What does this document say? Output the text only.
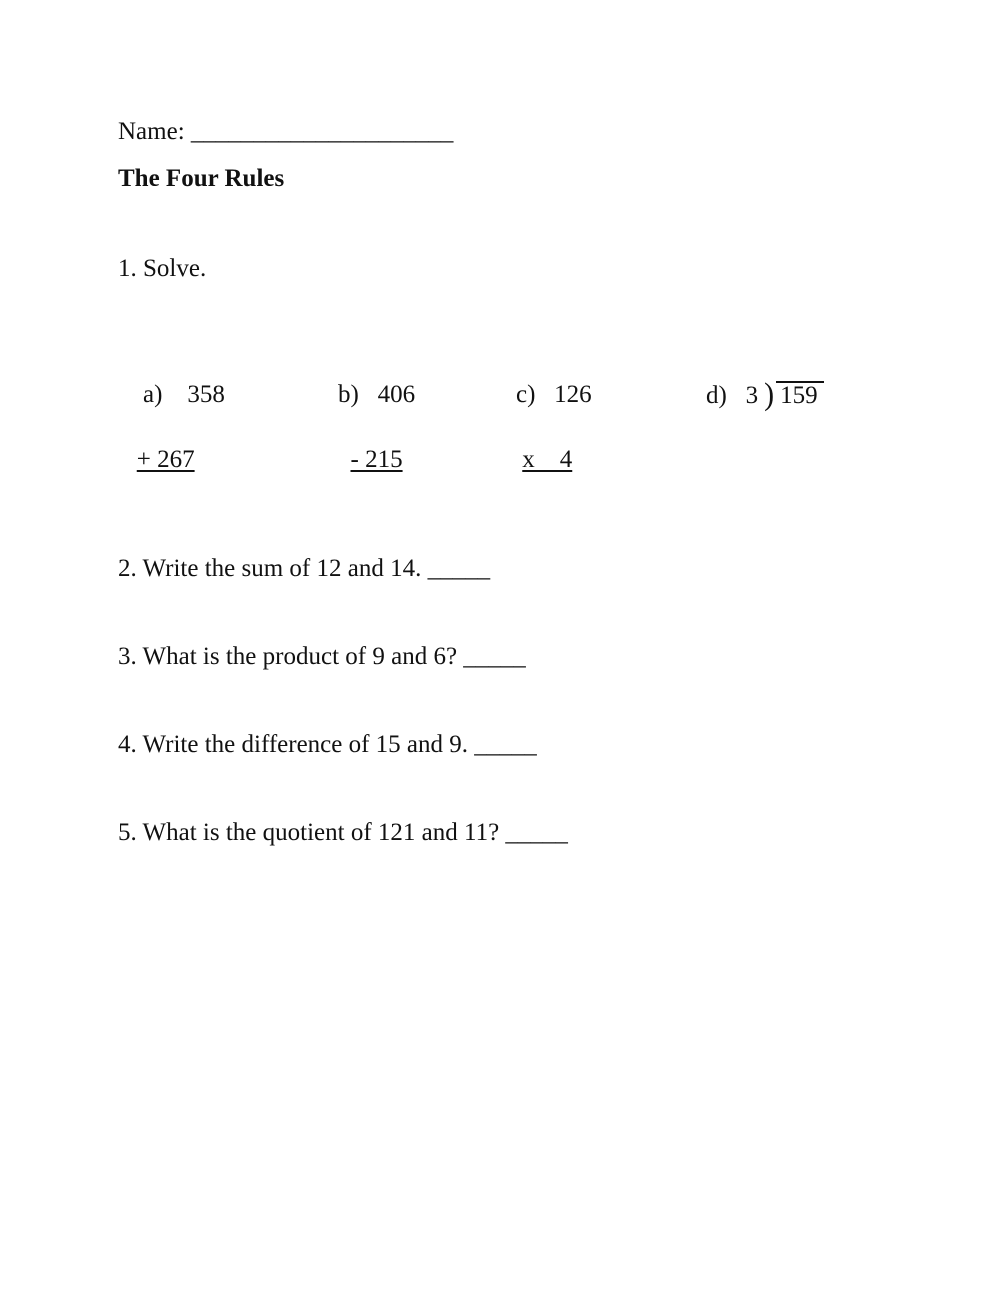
Name: _____________________
The Four Rules
1. Solve.

a) 358

+ 267

b) 406

- 215

c) 126

x    4

d) 3 ) 159

2. Write the sum of 12 and 14. _____
3. What is the product of 9 and 6? _____
4. Write the difference of 15 and 9. _____
5. What is the quotient of 121 and 11? _____
